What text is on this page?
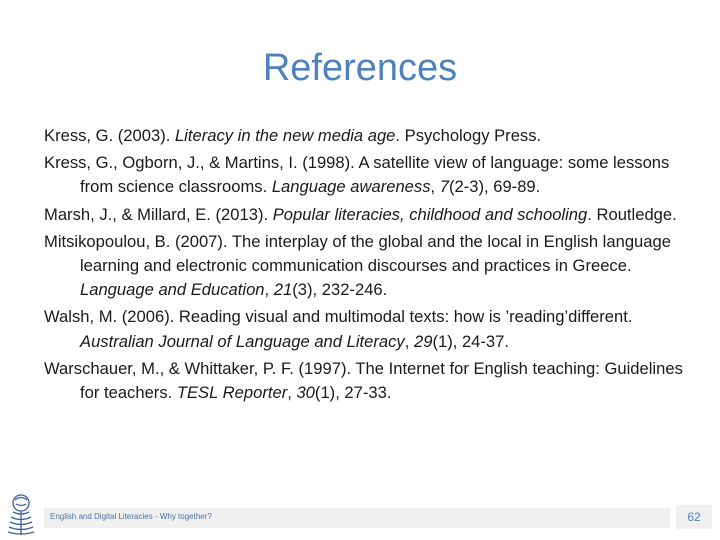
References
Kress, G. (2003). Literacy in the new media age. Psychology Press.
Kress, G., Ogborn, J., & Martins, I. (1998). A satellite view of language: some lessons from science classrooms. Language awareness, 7(2-3), 69-89.
Marsh, J., & Millard, E. (2013). Popular literacies, childhood and schooling. Routledge.
Mitsikopoulou, B. (2007). The interplay of the global and the local in English language learning and electronic communication discourses and practices in Greece. Language and Education, 21(3), 232-246.
Walsh, M. (2006). Reading visual and multimodal texts: how is ’reading’different. Australian Journal of Language and Literacy, 29(1), 24-37.
Warschauer, M., & Whittaker, P. F. (1997). The Internet for English teaching: Guidelines for teachers. TESL Reporter, 30(1), 27-33.
English and Digital Literacies - Why together?	62
